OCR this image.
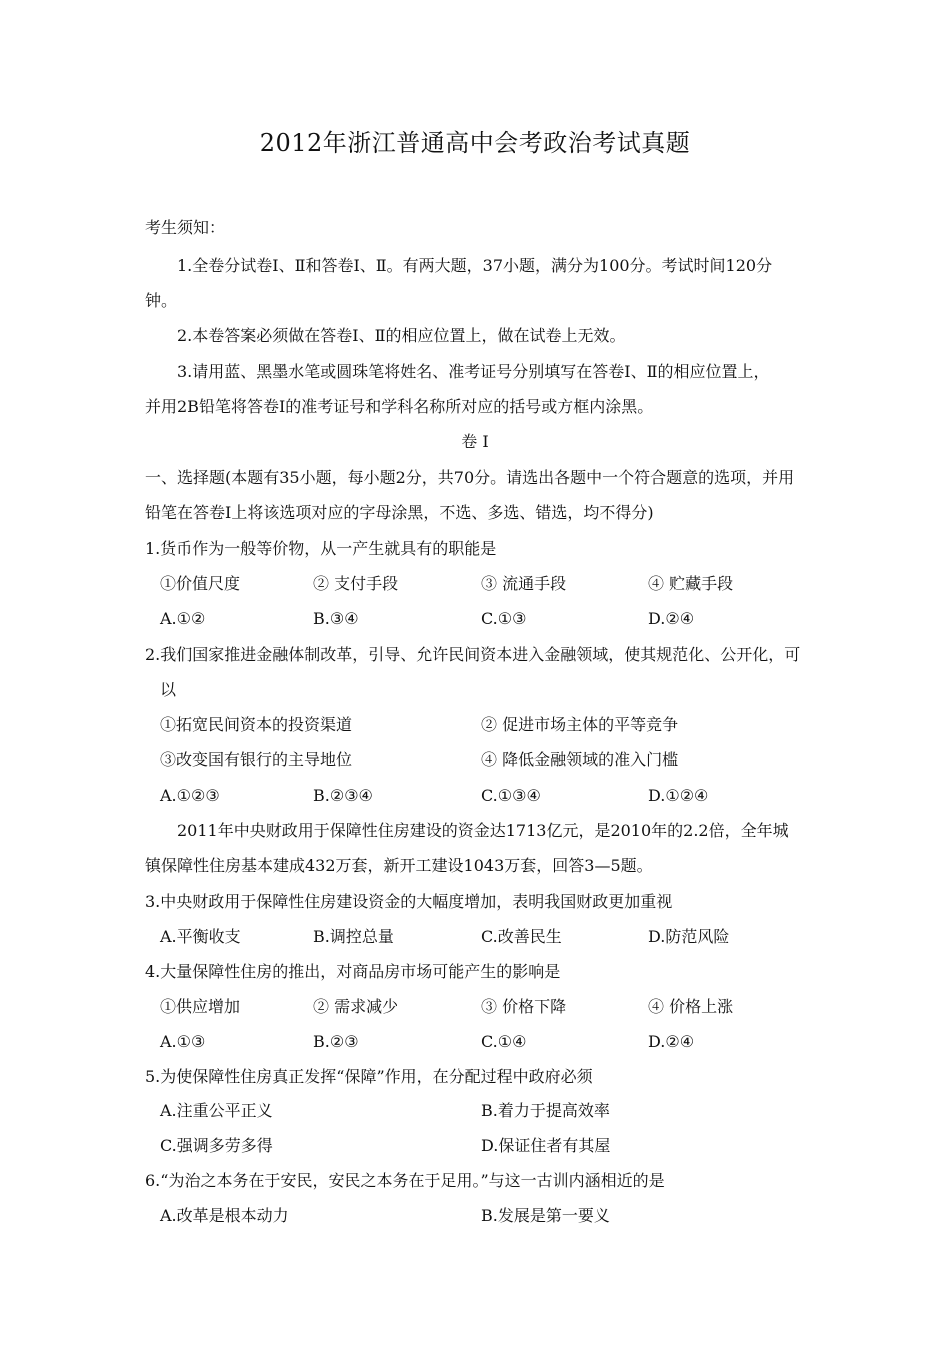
2012年浙江普通高中会考政治考试真题
考生须知：
1.全卷分试卷Ⅰ、Ⅱ和答卷Ⅰ、Ⅱ。有两大题，37小题，满分为100分。考试时间120分
钟。
2.本卷答案必须做在答卷Ⅰ、Ⅱ的相应位置上，做在试卷上无效。
3.请用蓝、黑墨水笔或圆珠笔将姓名、准考证号分别填写在答卷Ⅰ、Ⅱ的相应位置上，
并用2B铅笔将答卷Ⅰ的准考证号和学科名称所对应的括号或方框内涂黑。
卷 Ⅰ
一、选择题(本题有35小题，每小题2分，共70分。请选出各题中一个符合题意的选项，并用
铅笔在答卷Ⅰ上将该选项对应的字母涂黑，不选、多选、错选，均不得分)
1.货币作为一般等价物，从一产生就具有的职能是
①价值尺度	② 支付手段	③ 流通手段	④ 贮藏手段
A.①②	B.③④	C.①③	D.②④
2.我们国家推进金融体制改革，引导、允许民间资本进入金融领域，使其规范化、公开化，可
以
①拓宽民间资本的投资渠道	② 促进市场主体的平等竞争
③改变国有银行的主导地位	④ 降低金融领域的准入门槛
A.①②③	B.②③④	C.①③④	D.①②④
2011年中央财政用于保障性住房建设的资金达1713亿元，是2010年的2.2倍，全年城
镇保障性住房基本建成432万套，新开工建设1043万套，回答3—5题。
3.中央财政用于保障性住房建设资金的大幅度增加，表明我国财政更加重视
A.平衡收支	B.调控总量	C.改善民生	D.防范风险
4.大量保障性住房的推出，对商品房市场可能产生的影响是
①供应增加	② 需求减少	③ 价格下降	④ 价格上涨
A.①③	B.②③	C.①④	D.②④
5.为使保障性住房真正发挥“保障”作用，在分配过程中政府必须
A.注重公平正义	B.着力于提高效率
C.强调多劳多得	D.保证住者有其屋
6.“为治之本务在于安民，安民之本务在于足用。”与这一古训内涵相近的是
A.改革是根本动力	B.发展是第一要义
